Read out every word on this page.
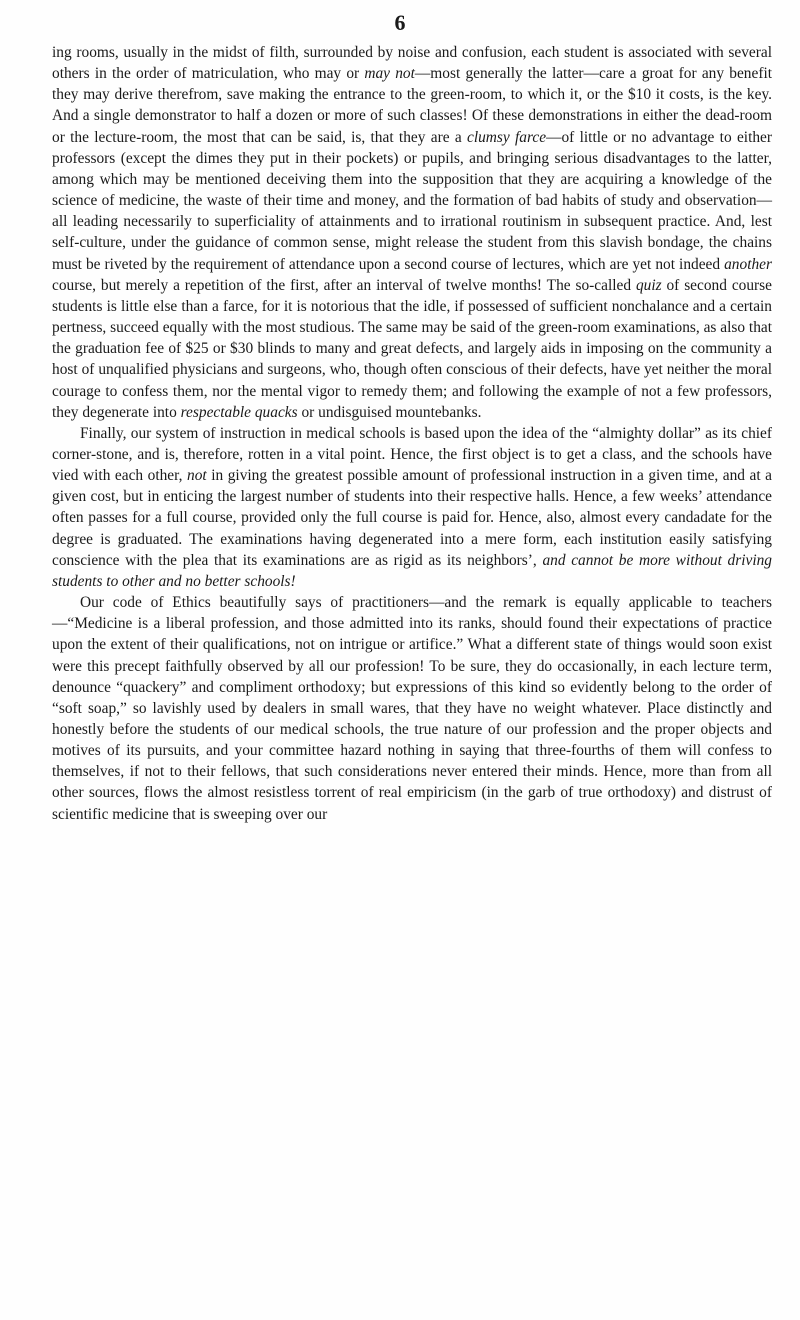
6

ing rooms, usually in the midst of filth, surrounded by noise and confusion, each student is associated with several others in the order of matriculation, who may or may not—most generally the latter—care a groat for any benefit they may derive therefrom, save making the entrance to the green-room, to which it, or the $10 it costs, is the key. And a single demonstrator to half a dozen or more of such classes! Of these demonstrations in either the dead-room or the lecture-room, the most that can be said, is, that they are a clumsy farce—of little or no advantage to either professors (except the dimes they put in their pockets) or pupils, and bringing serious disadvantages to the latter, among which may be mentioned deceiving them into the supposition that they are acquiring a knowledge of the science of medicine, the waste of their time and money, and the formation of bad habits of study and observation—all leading necessarily to superficiality of attainments and to irrational routinism in subsequent practice. And, lest self-culture, under the guidance of common sense, might release the student from this slavish bondage, the chains must be riveted by the requirement of attendance upon a second course of lectures, which are yet not indeed another course, but merely a repetition of the first, after an interval of twelve months! The so-called quiz of second course students is little else than a farce, for it is notorious that the idle, if possessed of sufficient nonchalance and a certain pertness, succeed equally with the most studious. The same may be said of the green-room examinations, as also that the graduation fee of $25 or $30 blinds to many and great defects, and largely aids in imposing on the community a host of unqualified physicians and surgeons, who, though often conscious of their defects, have yet neither the moral courage to confess them, nor the mental vigor to remedy them; and following the example of not a few professors, they degenerate into respectable quacks or undisguised mountebanks.

Finally, our system of instruction in medical schools is based upon the idea of the “almighty dollar” as its chief corner-stone, and is, therefore, rotten in a vital point. Hence, the first object is to get a class, and the schools have vied with each other, not in giving the greatest possible amount of professional instruction in a given time, and at a given cost, but in enticing the largest number of students into their respective halls. Hence, a few weeks’ attendance often passes for a full course, provided only the full course is paid for. Hence, also, almost every candadate for the degree is graduated. The examinations having degenerated into a mere form, each institution easily satisfying conscience with the plea that its examinations are as rigid as its neighbors’, and cannot be more without driving students to other and no better schools!

Our code of Ethics beautifully says of practitioners—and the remark is equally applicable to teachers—“Medicine is a liberal profession, and those admitted into its ranks, should found their expectations of practice upon the extent of their qualifications, not on intrigue or artifice.” What a different state of things would soon exist were this precept faithfully observed by all our profession! To be sure, they do occasionally, in each lecture term, denounce “quackery” and compliment orthodoxy; but expressions of this kind so evidently belong to the order of “soft soap,” so lavishly used by dealers in small wares, that they have no weight whatever. Place distinctly and honestly before the students of our medical schools, the true nature of our profession and the proper objects and motives of its pursuits, and your committee hazard nothing in saying that three-fourths of them will confess to themselves, if not to their fellows, that such considerations never entered their minds. Hence, more than from all other sources, flows the almost resistless torrent of real empiricism (in the garb of true orthodoxy) and distrust of scientific medicine that is sweeping over our
